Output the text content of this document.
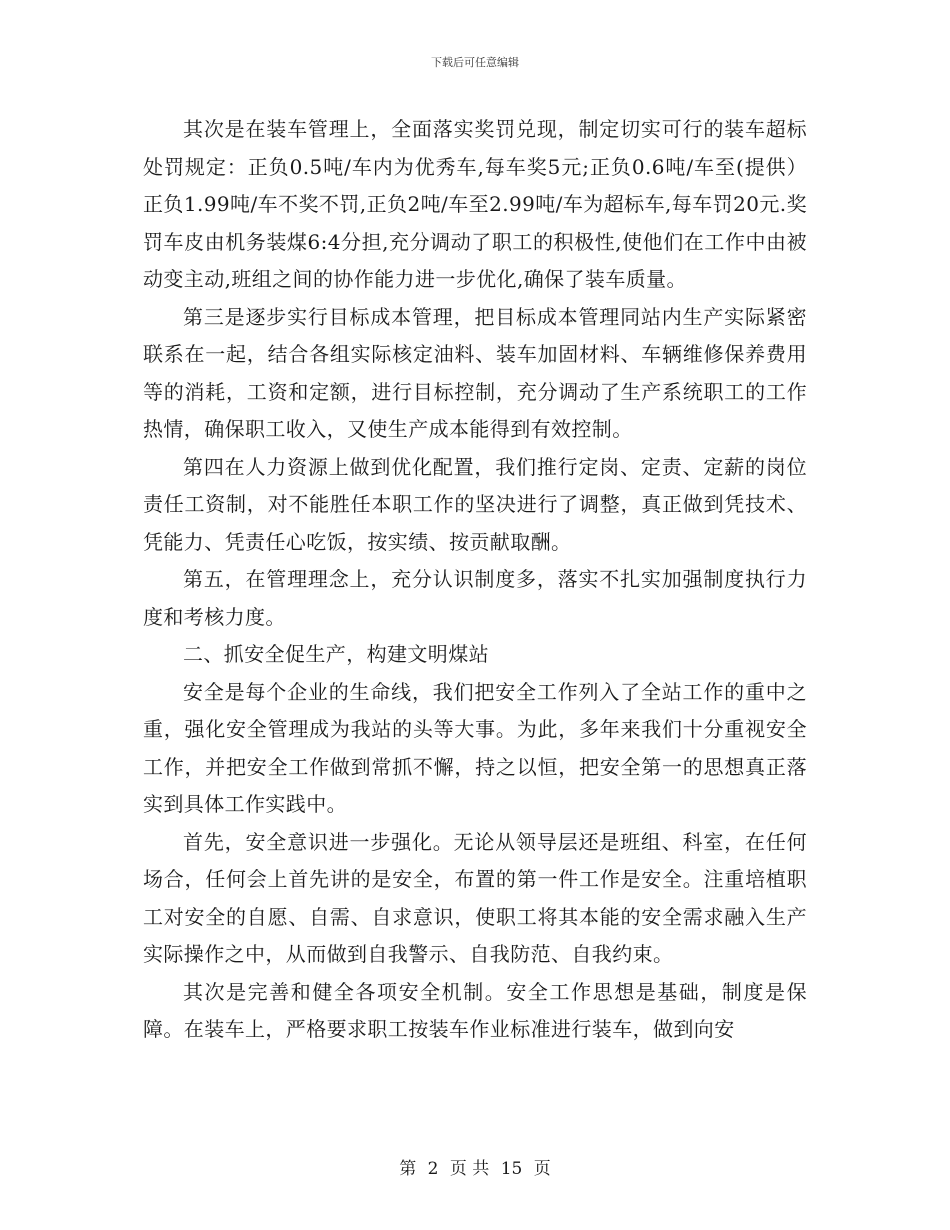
下载后可任意编辑

其次是在装车管理上，全面落实奖罚兑现，制定切实可行的装车超标处罚规定：正负0.5吨/车内为优秀车,每车奖5元;正负0.6吨/车至(提供）正负1.99吨/车不奖不罚,正负2吨/车至2.99吨/车为超标车,每车罚20元.奖罚车皮由机务装煤6:4分担,充分调动了职工的积极性,使他们在工作中由被动变主动,班组之间的协作能力进一步优化,确保了装车质量。

第三是逐步实行目标成本管理，把目标成本管理同站内生产实际紧密联系在一起，结合各组实际核定油料、装车加固材料、车辆维修保养费用等的消耗，工资和定额，进行目标控制，充分调动了生产系统职工的工作热情，确保职工收入，又使生产成本能得到有效控制。

第四在人力资源上做到优化配置，我们推行定岗、定责、定薪的岗位责任工资制，对不能胜任本职工作的坚决进行了调整，真正做到凭技术、凭能力、凭责任心吃饭，按实绩、按贡献取酬。

第五，在管理理念上，充分认识制度多，落实不扎实加强制度执行力度和考核力度。

二、抓安全促生产，构建文明煤站

安全是每个企业的生命线，我们把安全工作列入了全站工作的重中之重，强化安全管理成为我站的头等大事。为此，多年来我们十分重视安全工作，并把安全工作做到常抓不懈，持之以恒，把安全第一的思想真正落实到具体工作实践中。

首先，安全意识进一步强化。无论从领导层还是班组、科室，在任何场合，任何会上首先讲的是安全，布置的第一件工作是安全。注重培植职工对安全的自愿、自需、自求意识，使职工将其本能的安全需求融入生产实际操作之中，从而做到自我警示、自我防范、自我约束。

其次是完善和健全各项安全机制。安全工作思想是基础，制度是保障。在装车上，严格要求职工按装车作业标准进行装车，做到向安

第 2 页 共 15 页
